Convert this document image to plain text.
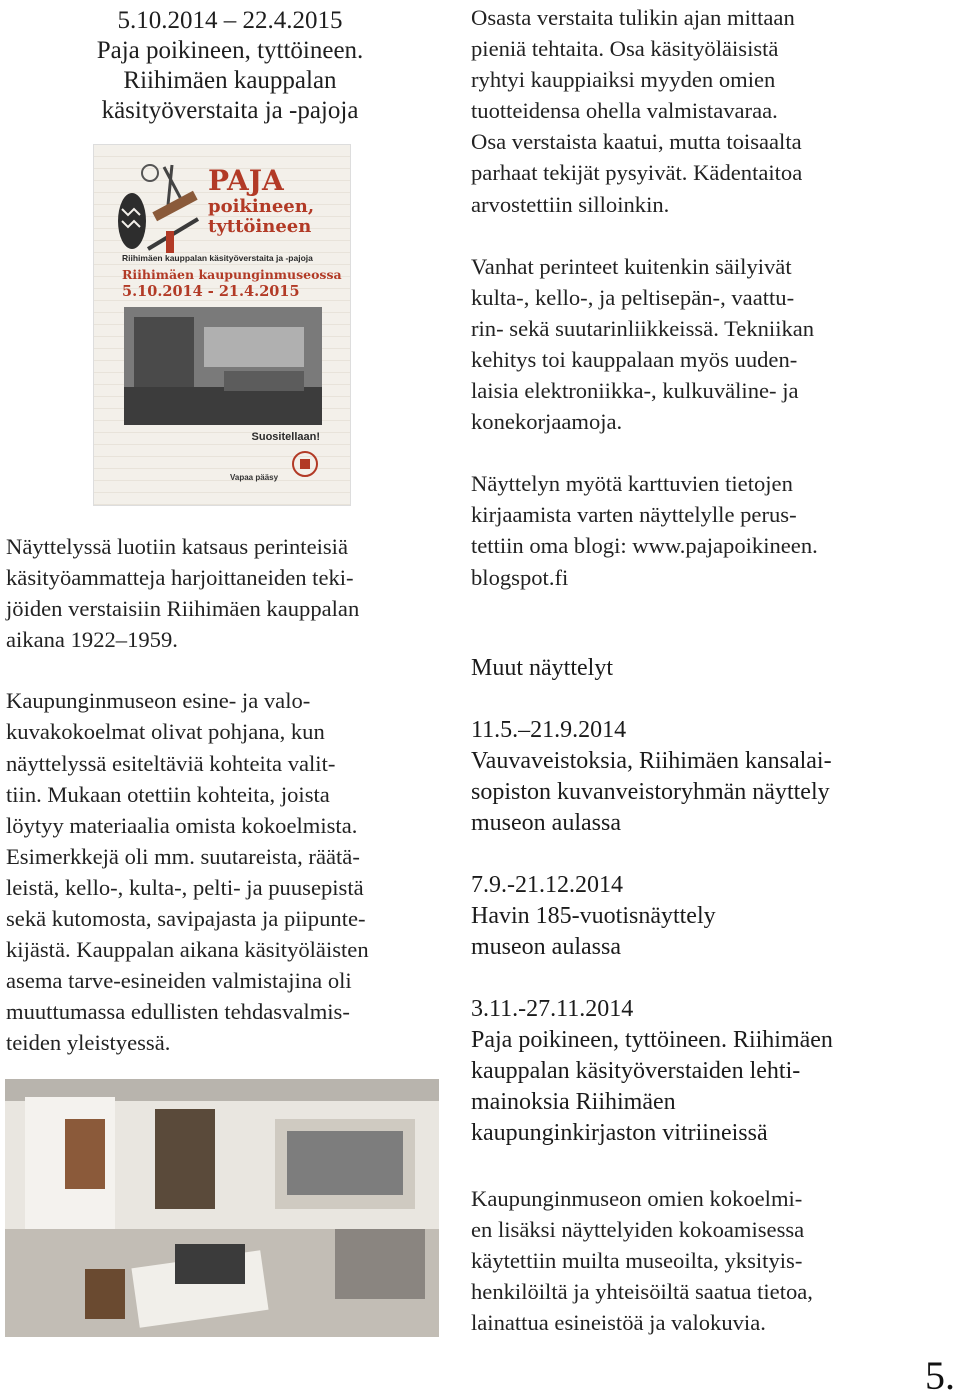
5.10.2014 – 22.4.2015
Paja poikineen, tyttöineen.
Riihimäen kauppalan
käsityöverstaita ja -pajoja
PAJA
poikineen,
tyttöineen
Riihimäen kauppalan käsityöverstaita ja -pajoja
Riihimäen kaupunginmuseossa
5.10.2014 - 21.4.2015
Suositellaan!
Vapaa pääsy

Näyttelyssä luotiin katsaus perinteisiä
käsityöammatteja harjoittaneiden teki-
jöiden verstaisiin Riihimäen kauppalan
aikana 1922–1959.

Kaupunginmuseon esine- ja valo-
kuvakokoelmat olivat pohjana, kun
näyttelyssä esiteltäviä kohteita valit-
tiin. Mukaan otettiin kohteita, joista
löytyy materiaalia omista kokoelmista.
Esimerkkejä oli mm. suutareista, räätä-
leistä, kello-, kulta-, pelti- ja puusepistä
sekä kutomosta, savipajasta ja piipunte-
kijästä. Kauppalan aikana käsityöläisten
asema tarve-esineiden valmistajina oli
muuttumassa edullisten tehdasvalmis-
teiden yleistyessä.

Osasta verstaita tulikin ajan mittaan
pieniä tehtaita. Osa käsityöläisistä
ryhtyi kauppiaiksi myyden omien
tuotteidensa ohella valmistavaraa.
Osa verstaista kaatui, mutta toisaalta
parhaat tekijät pysyivät. Kädentaitoa
arvostettiin silloinkin.

Vanhat perinteet kuitenkin säilyivät
kulta-, kello-, ja peltisepän-, vaattu-
rin- sekä suutarinliikkeissä. Tekniikan
kehitys toi kauppalaan myös uuden-
laisia elektroniikka-, kulkuväline- ja
konekorjaamoja.

Näyttelyn myötä karttuvien tietojen
kirjaamista varten näyttelylle perus-
tettiin oma blogi: www.pajapoikineen.
blogspot.fi

Muut näyttelyt
11.5.–21.9.2014
Vauvaveistoksia, Riihimäen kansalai-
sopiston kuvanveistoryhmän näyttely
museon aulassa
7.9.-21.12.2014
Havin 185-vuotisnäyttely
museon aulassa
3.11.-27.11.2014
Paja poikineen, tyttöineen. Riihimäen
kauppalan käsityöverstaiden lehti-
mainoksia Riihimäen
kaupunginkirjaston vitriineissä
Kaupunginmuseon omien kokoelmi-
en lisäksi näyttelyiden kokoamisessa
käytettiin muilta museoilta, yksityis-
henkilöiltä ja yhteisöiltä saatua tietoa,
lainattua esineistöä ja valokuvia.
5.
